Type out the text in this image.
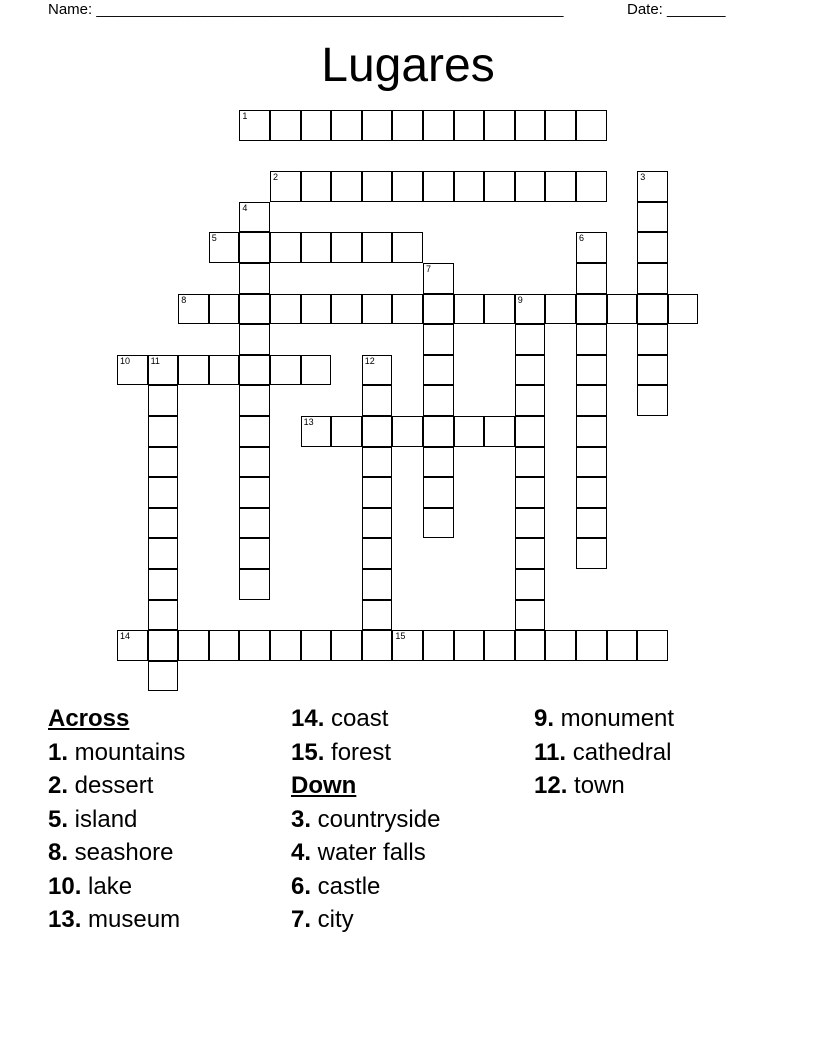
Name: ________________________________________________________	Date: _______
Lugares
1
2	3
4
5	6
7
8	9
10 11	12
13
14	15
Across
1. mountains
2. dessert
5. island
8. seashore
10. lake
13. museum
14. coast
15. forest
Down
3. countryside
4. water falls
6. castle
7. city
9. monument
11. cathedral
12. town
